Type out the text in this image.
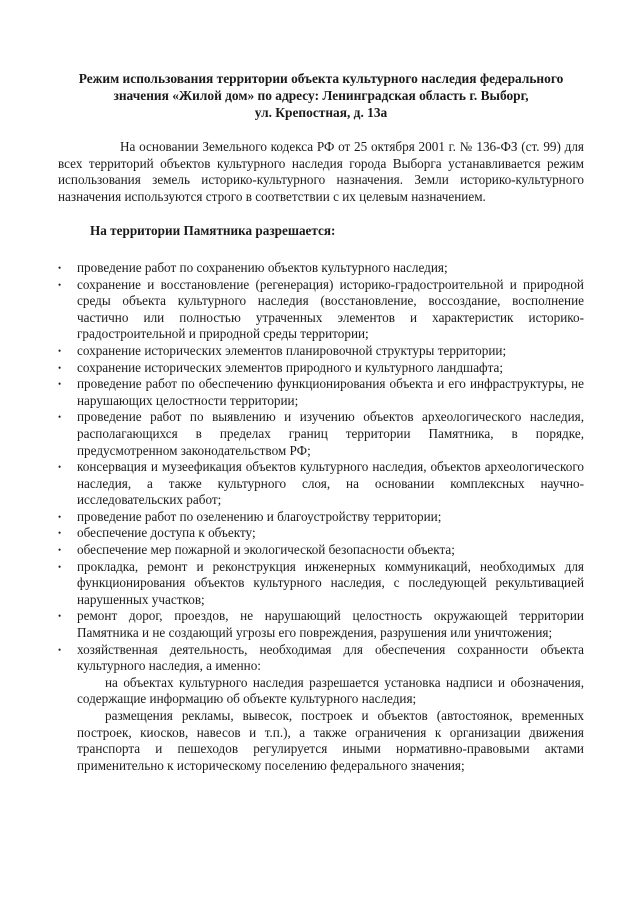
Режим использования территории объекта культурного наследия федерального
значения «Жилой дом» по адресу: Ленинградская область г. Выборг,
ул. Крепостная, д. 13а

На основании Земельного кодекса РФ от 25 октября 2001 г. № 136-ФЗ (ст. 99) для всех территорий объектов культурного наследия города Выборга устанавливается режим использования земель историко-культурного назначения. Земли историко-культурного назначения используются строго в соответствии с их целевым назначением.

На территории Памятника разрешается:

• проведение работ по сохранению объектов культурного наследия;
• сохранение и восстановление (регенерация) историко-градостроительной и природной среды объекта культурного наследия (восстановление, воссоздание, восполнение частично или полностью утраченных элементов и характеристик историко-градостроительной и природной среды территории;
• сохранение исторических элементов планировочной структуры территории;
• сохранение исторических элементов природного и культурного ландшафта;
• проведение работ по обеспечению функционирования объекта и его инфраструктуры, не нарушающих целостности территории;
• проведение работ по выявлению и изучению объектов археологического наследия, располагающихся в пределах границ территории Памятника, в порядке, предусмотренном законодательством РФ;
• консервация и музеефикация объектов культурного наследия, объектов археологического наследия, а также культурного слоя, на основании комплексных научно-исследовательских работ;
• проведение работ по озеленению и благоустройству территории;
• обеспечение доступа к объекту;
• обеспечение мер пожарной и экологической безопасности объекта;
• прокладка, ремонт и реконструкция инженерных коммуникаций, необходимых для функционирования объектов культурного наследия, с последующей рекультивацией нарушенных участков;
• ремонт дорог, проездов, не нарушающий целостность окружающей территории Памятника и не создающий угрозы его повреждения, разрушения или уничтожения;
• хозяйственная деятельность, необходимая для обеспечения сохранности объекта культурного наследия, а именно:

на объектах культурного наследия разрешается установка надписи и обозначения, содержащие информацию об объекте культурного наследия;

размещения рекламы, вывесок, построек и объектов (автостоянок, временных построек, киосков, навесов и т.п.), а также ограничения к организации движения транспорта и пешеходов регулируется иными нормативно-правовыми актами применительно к историческому поселению федерального значения;
